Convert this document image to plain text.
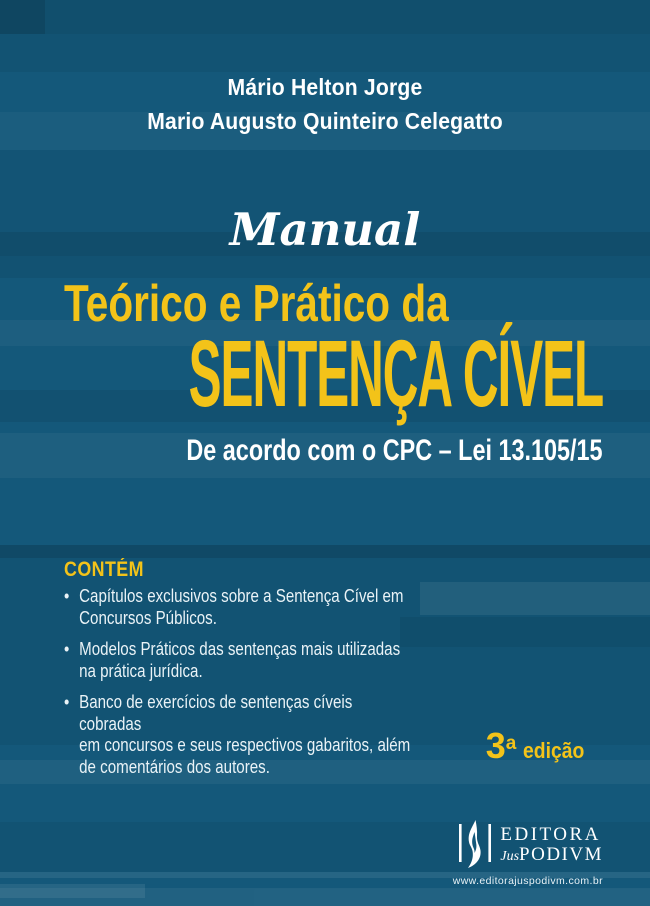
Mário Helton Jorge
Mario Augusto Quinteiro Celegatto
Manual
Teórico e Prático da
SENTENÇA CÍVEL
De acordo com o CPC – Lei 13.105/15
CONTÉM
• Capítulos exclusivos sobre a Sentença Cível em
Concursos Públicos.
• Modelos Práticos das sentenças mais utilizadas
na prática jurídica.
• Banco de exercícios de sentenças cíveis cobradas
em concursos e seus respectivos gabaritos, além
de comentários dos autores.
3 a edição
EDITORA
JusPODIVM
www.editorajuspodivm.com.br
